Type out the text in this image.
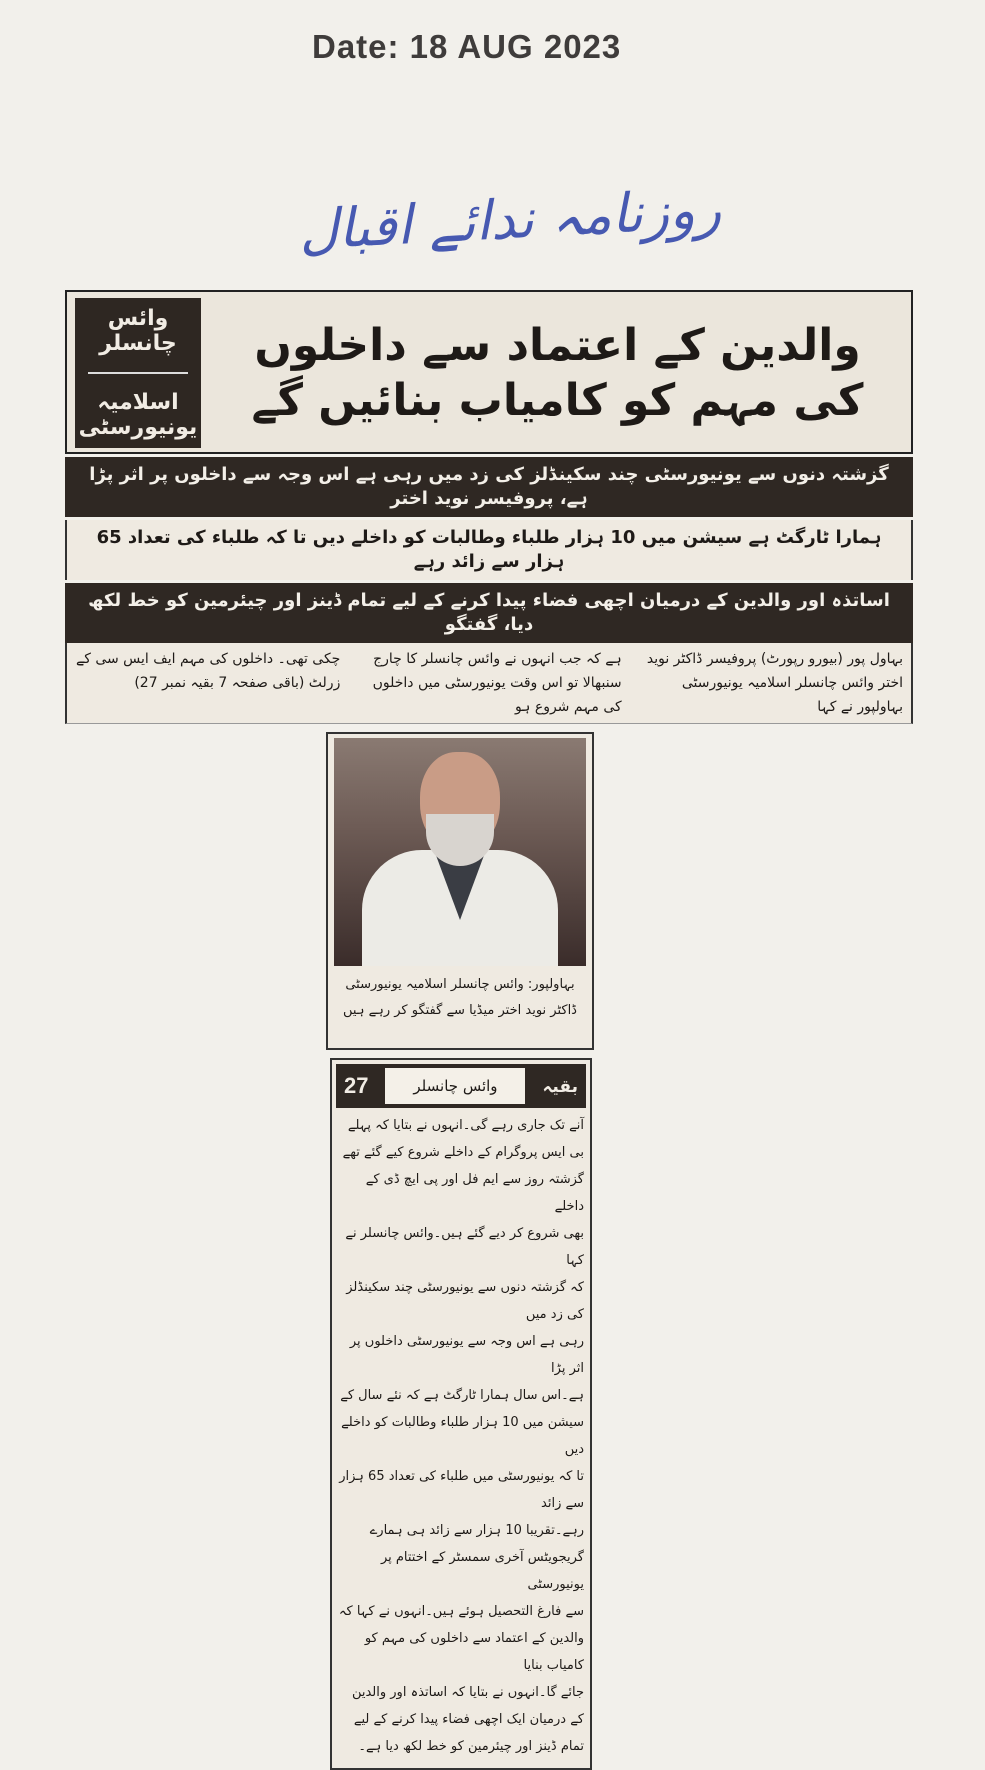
Date: 18 AUG 2023
روزنامہ ندائے اقبال
وائس چانسلر
اسلامیہ یونیورسٹی
والدین کے اعتماد سے داخلوں کی مہم کو کامیاب بنائیں گے
گزشتہ دنوں سے یونیورسٹی چند سکینڈلز کی زد میں رہی ہے اس وجہ سے داخلوں پر اثر پڑا ہے، پروفیسر نوید اختر
ہمارا ٹارگٹ ہے سیشن میں 10 ہزار طلباء وطالبات کو داخلے دیں تا کہ طلباء کی تعداد 65 ہزار سے زائد رہے
اساتذہ اور والدین کے درمیان اچھی فضاء پیدا کرنے کے لیے تمام ڈینز اور چیئرمین کو خط لکھ دیا، گفتگو
بہاول پور (بیورو رپورٹ) پروفیسر ڈاکٹر نوید اختر وائس چانسلر اسلامیہ یونیورسٹی بہاولپور نے کہا
ہے کہ جب انہوں نے وائس چانسلر کا چارج سنبھالا تو اس وقت یونیورسٹی میں داخلوں کی مہم شروع ہو
چکی تھی۔ داخلوں کی مہم ایف ایس سی کے زرلٹ (باقی صفحہ 7 بقیہ نمبر 27)
بہاولپور: وائس چانسلر اسلامیہ یونیورسٹی
ڈاکٹر نوید اختر میڈیا سے گفتگو کر رہے ہیں
27	وائس چانسلر	بقیہ
آنے تک جاری رہے گی۔انہوں نے بتایا کہ پہلے
بی ایس پروگرام کے داخلے شروع کیے گئے تھے
گزشتہ روز سے ایم فل اور پی ایچ ڈی کے داخلے
بھی شروع کر دیے گئے ہیں۔وائس چانسلر نے کہا
کہ گزشتہ دنوں سے یونیورسٹی چند سکینڈلز کی زد میں
رہی ہے اس وجہ سے یونیورسٹی داخلوں پر اثر پڑا
ہے۔اس سال ہمارا ٹارگٹ ہے کہ نئے سال کے
سیشن میں 10 ہزار طلباء وطالبات کو داخلے دیں
تا کہ یونیورسٹی میں طلباء کی تعداد 65 ہزار سے زائد
رہے۔تقریبا 10 ہزار سے زائد ہی ہمارے
گریجویٹس آخری سمسٹر کے اختتام پر یونیورسٹی
سے فارغ التحصیل ہوئے ہیں۔انہوں نے کہا کہ
والدین کے اعتماد سے داخلوں کی مہم کو کامیاب بنایا
جائے گا۔انہوں نے بتایا کہ اساتذہ اور والدین
کے درمیان ایک اچھی فضاء پیدا کرنے کے لیے
تمام ڈینز اور چیئرمین کو خط لکھ دیا ہے۔
